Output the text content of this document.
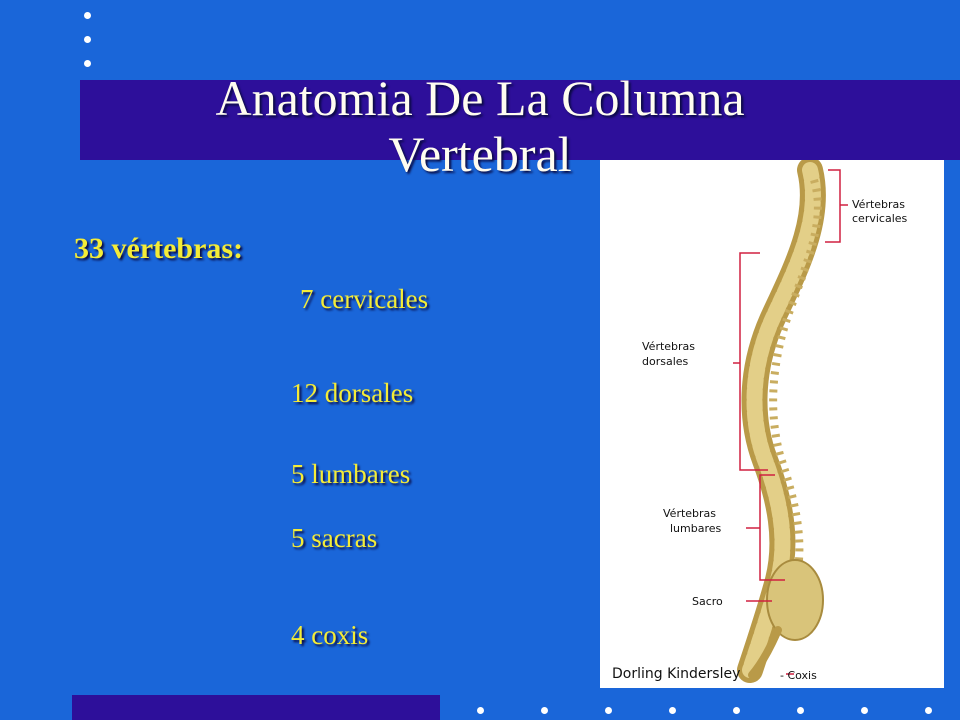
Anatomia De La Columna
Vertebral
33 vértebras:
7 cervicales
12 dorsales
5 lumbares
5 sacras
4 coxis
Vértebras
cervicales
Vértebras
dorsales
Vértebras
lumbares
Sacro
Dorling Kindersley	- Coxis
